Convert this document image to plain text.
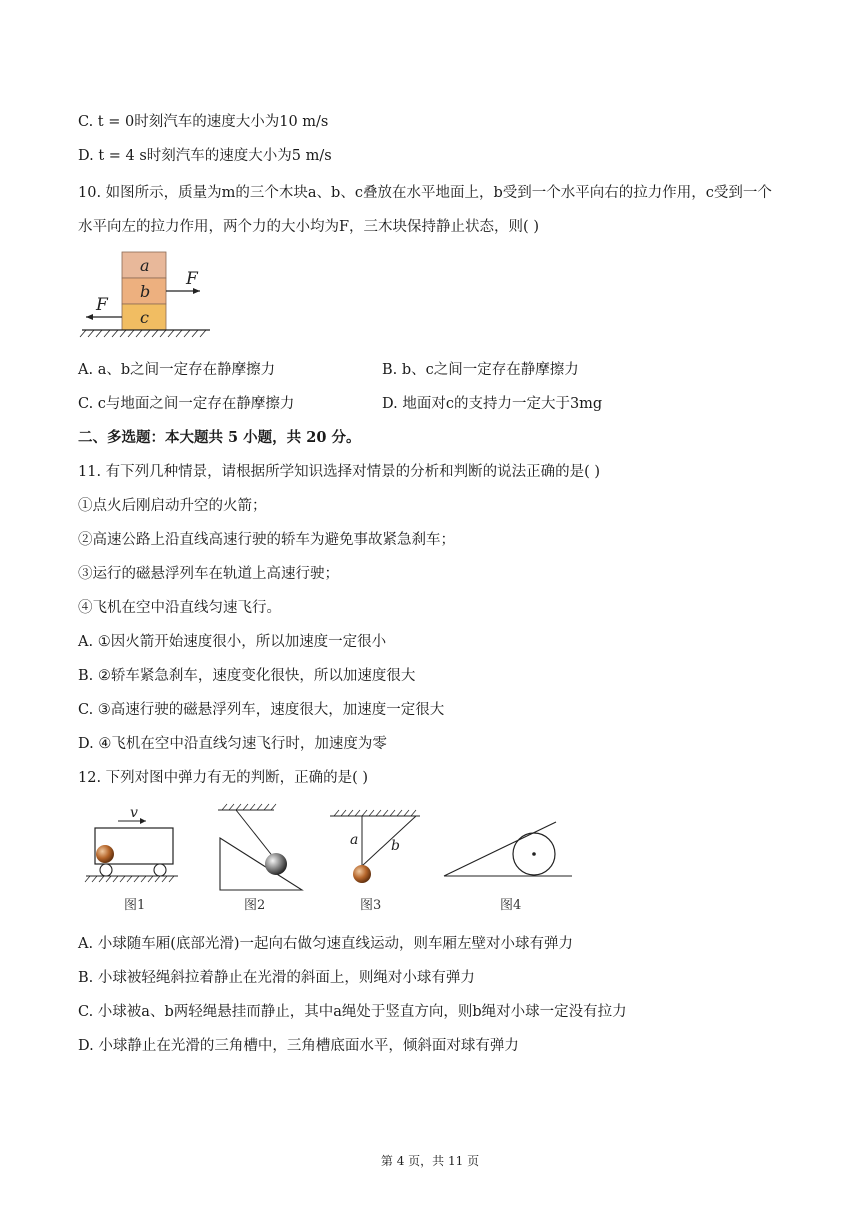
C. t = 0时刻汽车的速度大小为10 m/s
D. t = 4 s时刻汽车的速度大小为5 m/s
10. 如图所示，质量为m的三个木块a、b、c叠放在水平地面上，b受到一个水平向右的拉力作用，c受到一个水平向左的拉力作用，两个力的大小均为F，三木块保持静止状态，则( )
a
b
c
F
F
A. a、b之间一定存在静摩擦力	B. b、c之间一定存在静摩擦力
C. c与地面之间一定存在静摩擦力	D. 地面对c的支持力一定大于3mg
二、多选题：本大题共 5 小题，共 20 分。
11. 有下列几种情景，请根据所学知识选择对情景的分析和判断的说法正确的是( )
①点火后刚启动升空的火箭；
②高速公路上沿直线高速行驶的轿车为避免事故紧急刹车；
③运行的磁悬浮列车在轨道上高速行驶；
④飞机在空中沿直线匀速飞行。
A. ①因火箭开始速度很小，所以加速度一定很小
B. ②轿车紧急刹车，速度变化很快，所以加速度很大
C. ③高速行驶的磁悬浮列车，速度很大，加速度一定很大
D. ④飞机在空中沿直线匀速飞行时，加速度为零
12. 下列对图中弹力有无的判断，正确的是( )
v
图1	图2
a b
图3	图4
A. 小球随车厢(底部光滑)一起向右做匀速直线运动，则车厢左壁对小球有弹力
B. 小球被轻绳斜拉着静止在光滑的斜面上，则绳对小球有弹力
C. 小球被a、b两轻绳悬挂而静止，其中a绳处于竖直方向，则b绳对小球一定没有拉力
D. 小球静止在光滑的三角槽中，三角槽底面水平，倾斜面对球有弹力
第 4 页，共 11 页
